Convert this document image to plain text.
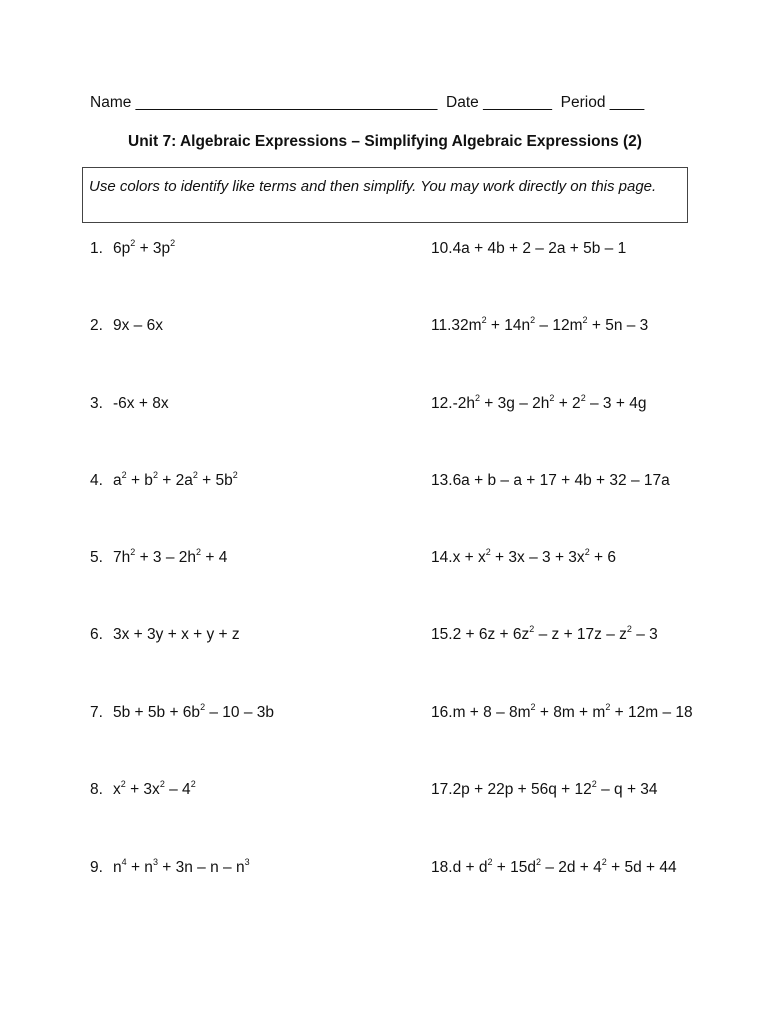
Name ___________________________________ Date ________ Period ____
Unit 7: Algebraic Expressions – Simplifying Algebraic Expressions (2)
Use colors to identify like terms and then simplify. You may work directly on this page.
1. $6p^2 + 3p^2$
2. 9x – 6x
3. -6x + 8x
4. $a^2 + b^2 + 2a^2 + 5b^2$
5. $7h^2 + 3 - 2h^2 + 4$
6. 3x + 3y + x + y + z
7. $5b + 5b + 6b^2 - 10 - 3b$
8. $x^2 + 3x^2 - 4^2$
9. $n^4 + n^3 + 3n - n - n^3$
10.4a + 4b + 2 – 2a + 5b – 1
$11.32m^2 + 14n^2 - 12m^2 + 5n - 3$
$12.-2h^2 + 3g - 2h^2 + 2^2 - 3 + 4g$
13.6a + b – a + 17 + 4b + 32 – 17a
$14.x + x^2 + 3x - 3 + 3x^2 + 6$
$15.2 + 6z + 6z^2 - z + 17z - z^2 - 3$
$16.m + 8 - 8m^2 + 8m + m^2 + 12m - 18$
$17.2p + 22p + 56q + 12^2 - q + 34$
$18.d + d^2 + 15d^2 - 2d + 4^2 + 5d + 44$
